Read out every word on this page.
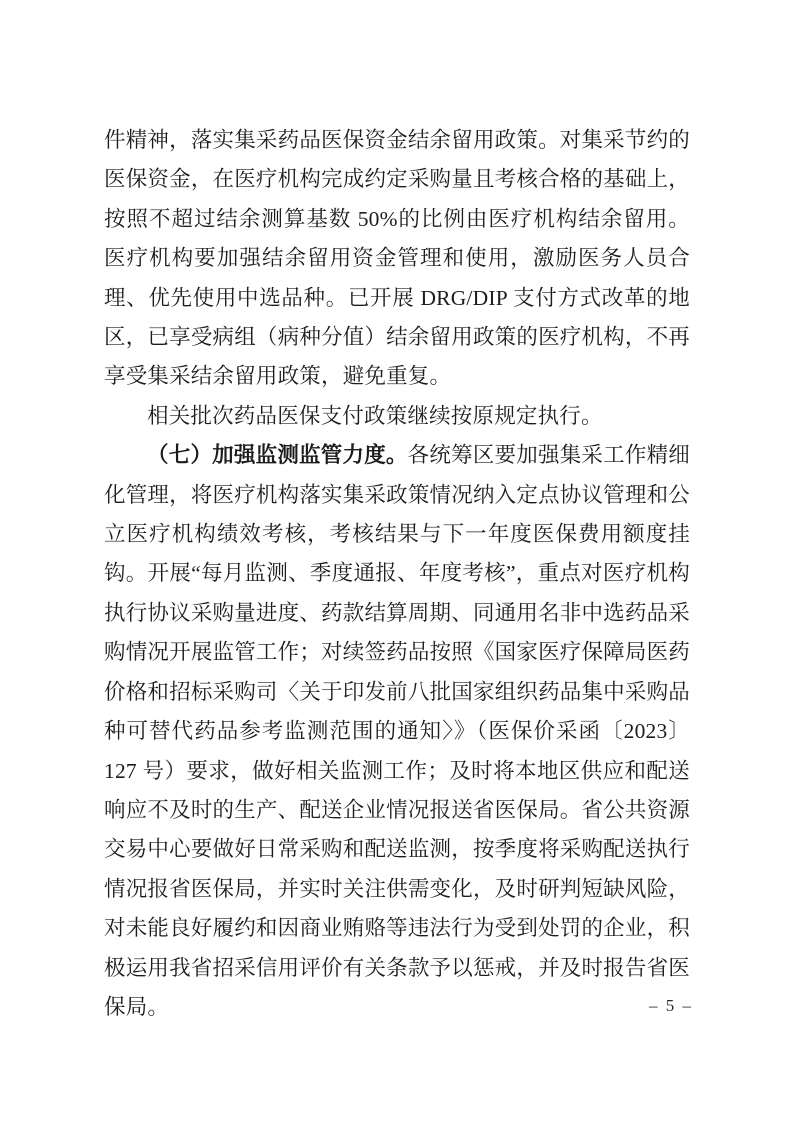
件精神，落实集采药品医保资金结余留用政策。对集采节约的医保资金，在医疗机构完成约定采购量且考核合格的基础上，按照不超过结余测算基数 50%的比例由医疗机构结余留用。医疗机构要加强结余留用资金管理和使用，激励医务人员合理、优先使用中选品种。已开展 DRG/DIP 支付方式改革的地区，已享受病组（病种分值）结余留用政策的医疗机构，不再享受集采结余留用政策，避免重复。

相关批次药品医保支付政策继续按原规定执行。

（七）加强监测监管力度。各统筹区要加强集采工作精细化管理，将医疗机构落实集采政策情况纳入定点协议管理和公立医疗机构绩效考核，考核结果与下一年度医保费用额度挂钩。开展“每月监测、季度通报、年度考核”，重点对医疗机构执行协议采购量进度、药款结算周期、同通用名非中选药品采购情况开展监管工作；对续签药品按照《国家医疗保障局医药价格和招标采购司〈关于印发前八批国家组织药品集中采购品种可替代药品参考监测范围的通知〉》（医保价采函〔2023〕127 号）要求，做好相关监测工作；及时将本地区供应和配送响应不及时的生产、配送企业情况报送省医保局。省公共资源交易中心要做好日常采购和配送监测，按季度将采购配送执行情况报省医保局，并实时关注供需变化，及时研判短缺风险，对未能良好履约和因商业贿赂等违法行为受到处罚的企业，积极运用我省招采信用评价有关条款予以惩戒，并及时报告省医保局。	– 5 –
